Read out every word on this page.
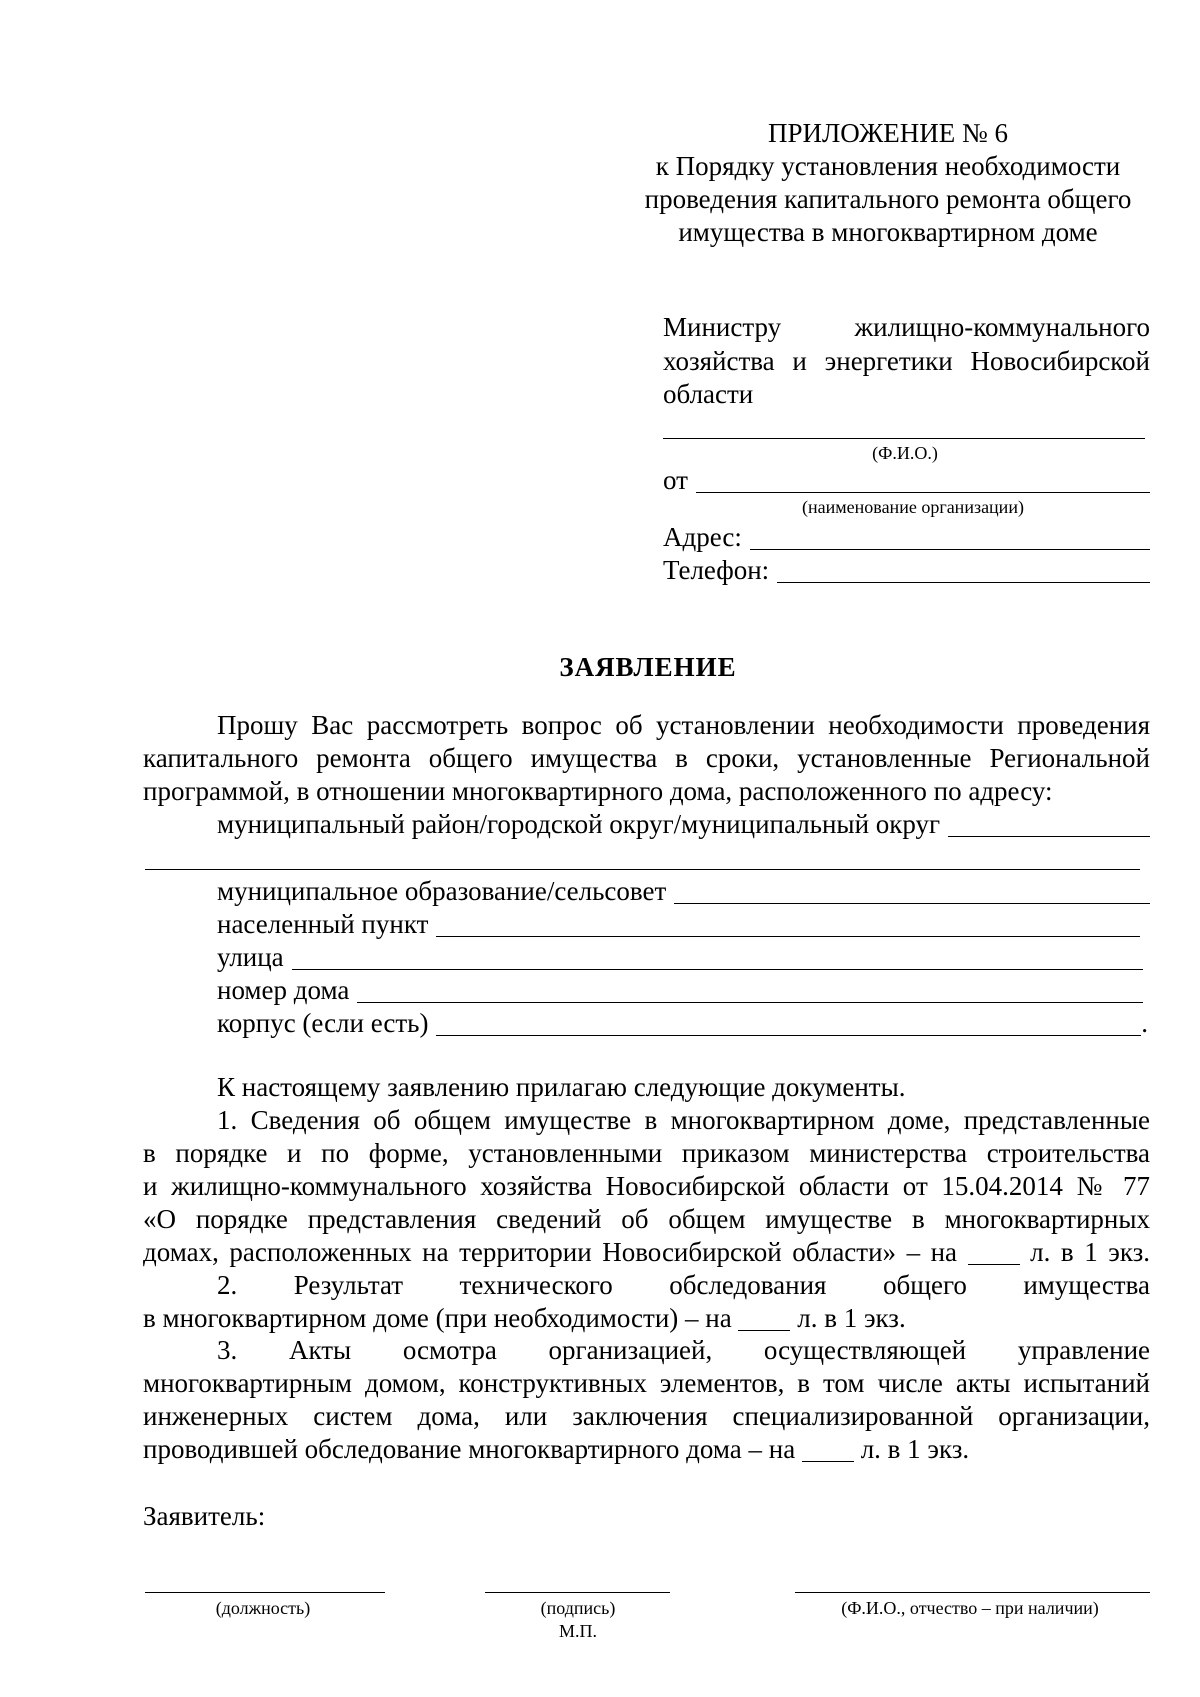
ПРИЛОЖЕНИЕ № 6
к Порядку установления необходимости
проведения капитального ремонта общего
имущества в многоквартирном доме
Министру жилищно-коммунального
хозяйства и энергетики Новосибирской
области
(Ф.И.О.)
от
(наименование организации)
Адрес:
Телефон:
ЗАЯВЛЕНИЕ
Прошу Вас рассмотреть вопрос об установлении необходимости проведения
капитального ремонта общего имущества в сроки, установленные Региональной
программой, в отношении многоквартирного дома, расположенного по адресу:
муниципальный район/городской округ/муниципальный округ
муниципальное образование/сельсовет
населенный пункт
улица
номер дома
корпус (если есть)	.
К настоящему заявлению прилагаю следующие документы.
1. Сведения об общем имуществе в многоквартирном доме, представленные
в порядке и по форме, установленными приказом министерства строительства
и жилищно-коммунального хозяйства Новосибирской области от 15.04.2014 № 77
«О порядке представления сведений об общем имуществе в многоквартирных
домах, расположенных на территории Новосибирской области» – на	л. в 1 экз.
2. Результат технического обследования общего имущества
в многоквартирном доме (при необходимости) – на л. в 1 экз.
3. Акты осмотра организацией, осуществляющей управление
многоквартирным домом, конструктивных элементов, в том числе акты испытаний
инженерных систем дома, или заключения специализированной организации,
проводившей обследование многоквартирного дома – на л. в 1 экз.
Заявитель:
(должность)	(подпись)	(Ф.И.О., отчество – при наличии)
М.П.
